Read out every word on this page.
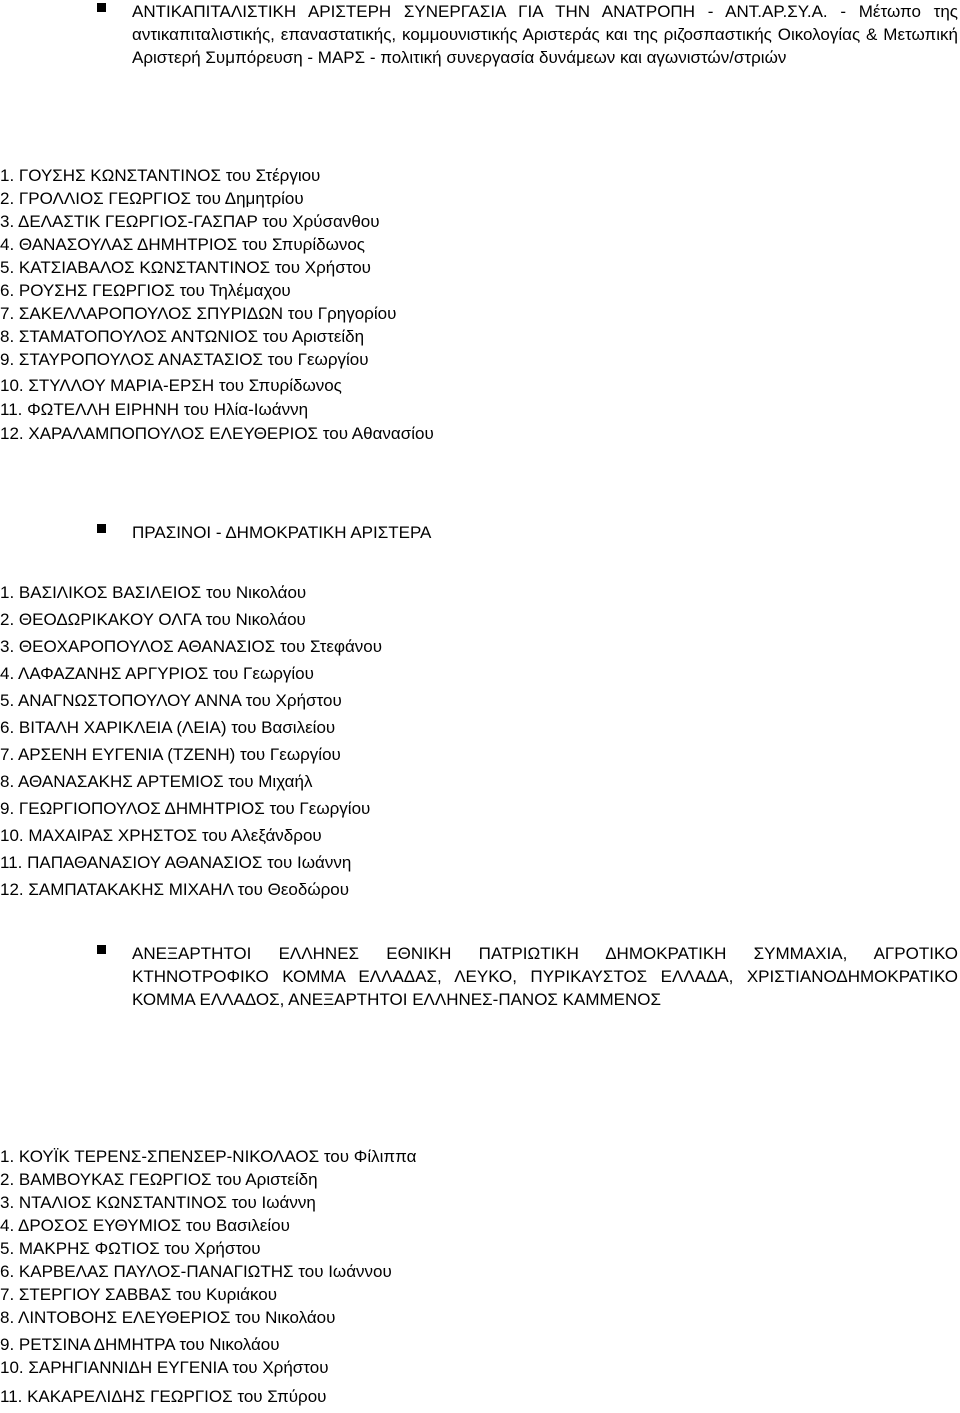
ΑΝΤΙΚΑΠΙΤΑΛΙΣΤΙΚΗ ΑΡΙΣΤΕΡΗ ΣΥΝΕΡΓΑΣΙΑ ΓΙΑ ΤΗΝ ΑΝΑΤΡΟΠΗ - ΑΝΤ.ΑΡ.ΣΥ.Α. - Μέτωπο της αντικαπιταλιστικής, επαναστατικής, κομμουνιστικής Αριστεράς και της ριζοσπαστικής Οικολογίας & Μετωπική Αριστερή Συμπόρευση - ΜΑΡΣ - πολιτική συνεργασία δυνάμεων και αγωνιστών/στριών
1. ΓΟΥΣΗΣ ΚΩΝΣΤΑΝΤΙΝΟΣ του Στέργιου
2. ΓΡΟΛΛΙΟΣ ΓΕΩΡΓΙΟΣ του Δημητρίου
3. ΔΕΛΑΣΤΙΚ ΓΕΩΡΓΙΟΣ-ΓΑΣΠΑΡ του Χρύσανθου
4. ΘΑΝΑΣΟΥΛΑΣ ΔΗΜΗΤΡΙΟΣ του Σπυρίδωνος
5. ΚΑΤΣΙΑΒΑΛΟΣ ΚΩΝΣΤΑΝΤΙΝΟΣ του Χρήστου
6. ΡΟΥΣΗΣ ΓΕΩΡΓΙΟΣ του Τηλέμαχου
7. ΣΑΚΕΛΛΑΡΟΠΟΥΛΟΣ ΣΠΥΡΙΔΩΝ του Γρηγορίου
8. ΣΤΑΜΑΤΟΠΟΥΛΟΣ ΑΝΤΩΝΙΟΣ του Αριστείδη
9. ΣΤΑΥΡΟΠΟΥΛΟΣ ΑΝΑΣΤΑΣΙΟΣ του Γεωργίου
10. ΣΤΥΛΛΟΥ ΜΑΡΙΑ-ΕΡΣΗ του Σπυρίδωνος
11. ΦΩΤΕΛΛΗ ΕΙΡΗΝΗ του Ηλία-Ιωάννη
12. ΧΑΡΑΛΑΜΠΟΠΟΥΛΟΣ ΕΛΕΥΘΕΡΙΟΣ του Αθανασίου
ΠΡΑΣΙΝΟΙ - ΔΗΜΟΚΡΑΤΙΚΗ ΑΡΙΣΤΕΡΑ
1. ΒΑΣΙΛΙΚΟΣ ΒΑΣΙΛΕΙΟΣ του Νικολάου
2. ΘΕΟΔΩΡΙΚΑΚΟΥ ΟΛΓΑ του Νικολάου
3. ΘΕΟΧΑΡΟΠΟΥΛΟΣ ΑΘΑΝΑΣΙΟΣ του Στεφάνου
4. ΛΑΦΑΖΑΝΗΣ ΑΡΓΥΡΙΟΣ του Γεωργίου
5. ΑΝΑΓΝΩΣΤΟΠΟΥΛΟΥ ΑΝΝΑ του Χρήστου
6. ΒΙΤΑΛΗ ΧΑΡΙΚΛΕΙΑ (ΛΕΙΑ) του Βασιλείου
7. ΑΡΣΕΝΗ ΕΥΓΕΝΙΑ (ΤΖΕΝΗ) του Γεωργίου
8. ΑΘΑΝΑΣΑΚΗΣ ΑΡΤΕΜΙΟΣ του Μιχαήλ
9. ΓΕΩΡΓΙΟΠΟΥΛΟΣ ΔΗΜΗΤΡΙΟΣ του Γεωργίου
10. ΜΑΧΑΙΡΑΣ ΧΡΗΣΤΟΣ του Αλεξάνδρου
11. ΠΑΠΑΘΑΝΑΣΙΟΥ ΑΘΑΝΑΣΙΟΣ του Ιωάννη
12. ΣΑΜΠΑΤΑΚΑΚΗΣ ΜΙΧΑΗΛ του Θεοδώρου
ΑΝΕΞΑΡΤΗΤΟΙ ΕΛΛΗΝΕΣ ΕΘΝΙΚΗ ΠΑΤΡΙΩΤΙΚΗ ΔΗΜΟΚΡΑΤΙΚΗ ΣΥΜΜΑΧΙΑ, ΑΓΡΟΤΙΚΟ ΚΤΗΝΟΤΡΟΦΙΚΟ ΚΟΜΜΑ ΕΛΛΑΔΑΣ, ΛΕΥΚΟ, ΠΥΡΙΚΑΥΣΤΟΣ ΕΛΛΑΔΑ, ΧΡΙΣΤΙΑΝΟΔΗΜΟΚΡΑΤΙΚΟ ΚΟΜΜΑ ΕΛΛΑΔΟΣ, ΑΝΕΞΑΡΤΗΤΟΙ ΕΛΛΗΝΕΣ-ΠΑΝΟΣ ΚΑΜΜΕΝΟΣ
1. ΚΟΥΪΚ ΤΕΡΕΝΣ-ΣΠΕΝΣΕΡ-ΝΙΚΟΛΑΟΣ του Φίλιππα
2. ΒΑΜΒΟΥΚΑΣ ΓΕΩΡΓΙΟΣ του Αριστείδη
3. ΝΤΑΛΙΟΣ ΚΩΝΣΤΑΝΤΙΝΟΣ του Ιωάννη
4. ΔΡΟΣΟΣ ΕΥΘΥΜΙΟΣ του Βασιλείου
5. ΜΑΚΡΗΣ ΦΩΤΙΟΣ του Χρήστου
6. ΚΑΡΒΕΛΑΣ ΠΑΥΛΟΣ-ΠΑΝΑΓΙΩΤΗΣ του Ιωάννου
7. ΣΤΕΡΓΙΟΥ ΣΑΒΒΑΣ του Κυριάκου
8. ΛΙΝΤΟΒΟΗΣ ΕΛΕΥΘΕΡΙΟΣ του Νικολάου
9. ΡΕΤΣΙΝΑ ΔΗΜΗΤΡΑ του Νικολάου
10. ΣΑΡΗΓΙΑΝΝΙΔΗ ΕΥΓΕΝΙΑ του Χρήστου
11. ΚΑΚΑΡΕΛΙΔΗΣ ΓΕΩΡΓΙΟΣ του Σπύρου
